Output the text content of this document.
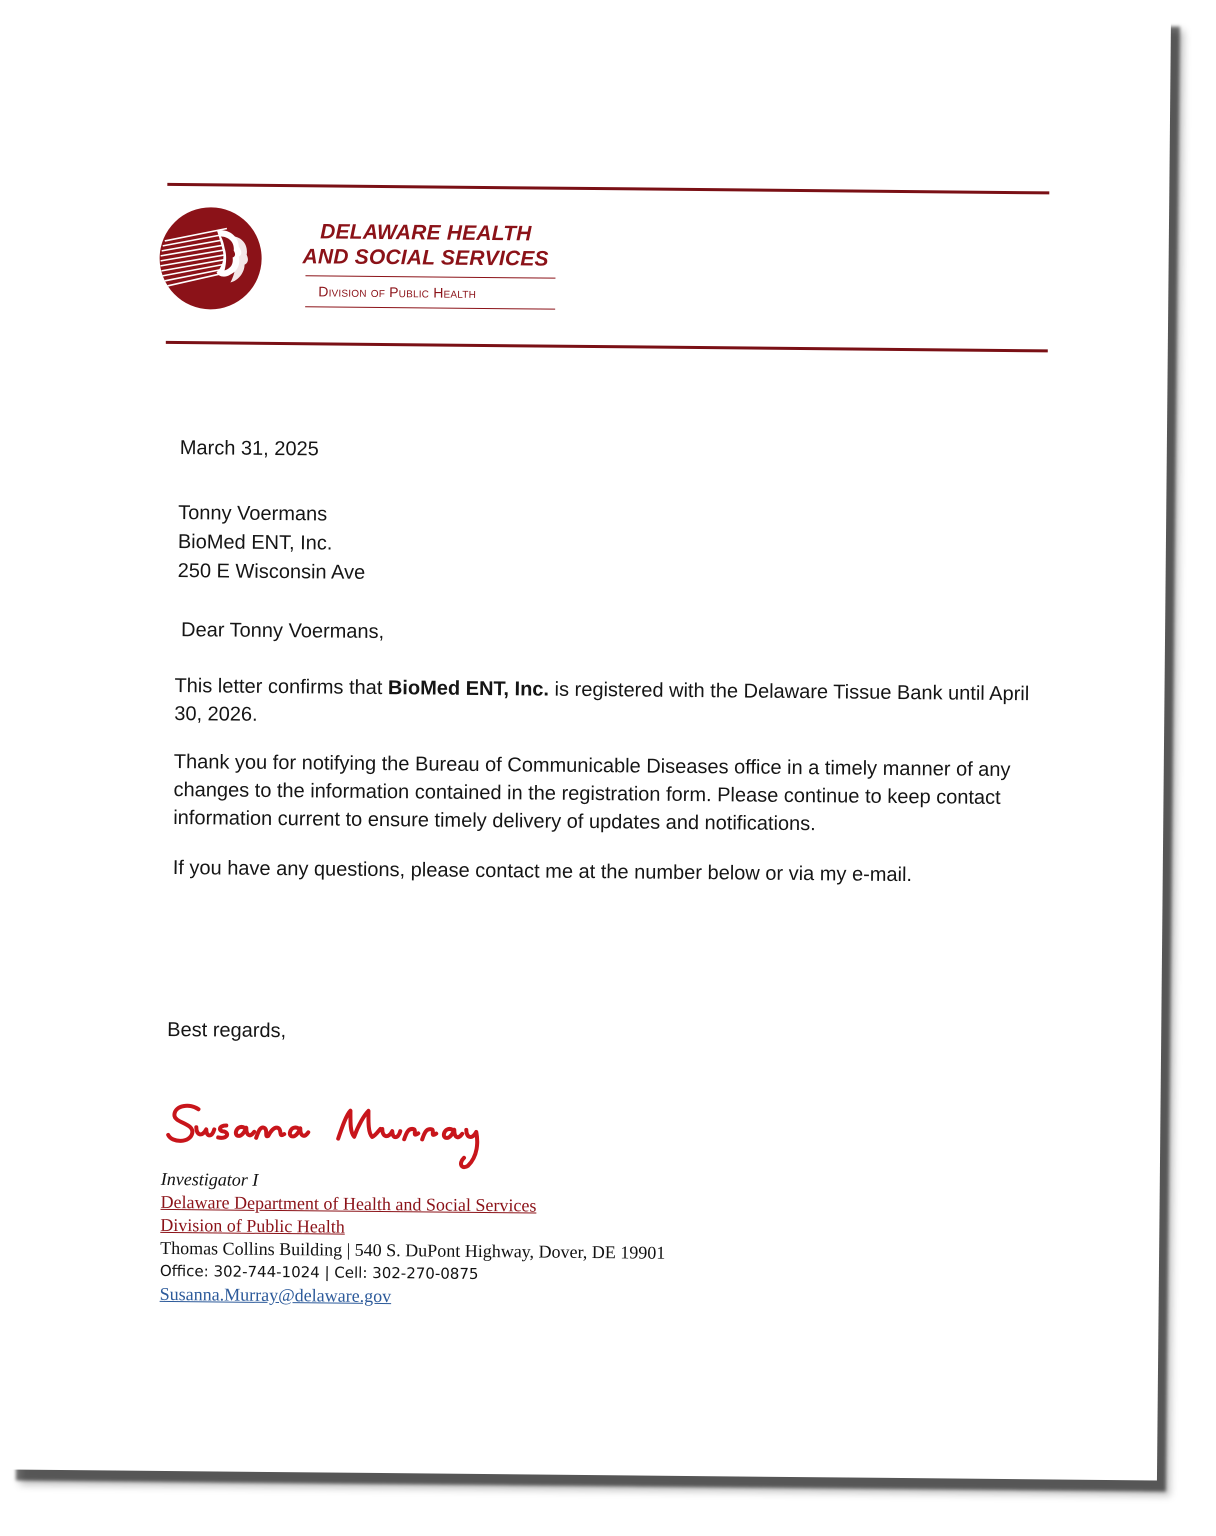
DELAWARE HEALTH
AND SOCIAL SERVICES
Division of Public Health
March 31, 2025
Tonny Voermans
BioMed ENT, Inc.
250 E Wisconsin Ave
Dear Tonny Voermans,
This letter confirms that BioMed ENT, Inc. is registered with the Delaware Tissue Bank until April 30, 2026.
Thank you for notifying the Bureau of Communicable Diseases office in a timely manner of any changes to the information contained in the registration form. Please continue to keep contact information current to ensure timely delivery of updates and notifications.
If you have any questions, please contact me at the number below or via my e-mail.
Best regards,
Investigator I
Delaware Department of Health and Social Services
Division of Public Health
Thomas Collins Building | 540 S. DuPont Highway, Dover, DE 19901
Office: 302-744-1024 | Cell: 302-270-0875
Susanna.Murray@delaware.gov
